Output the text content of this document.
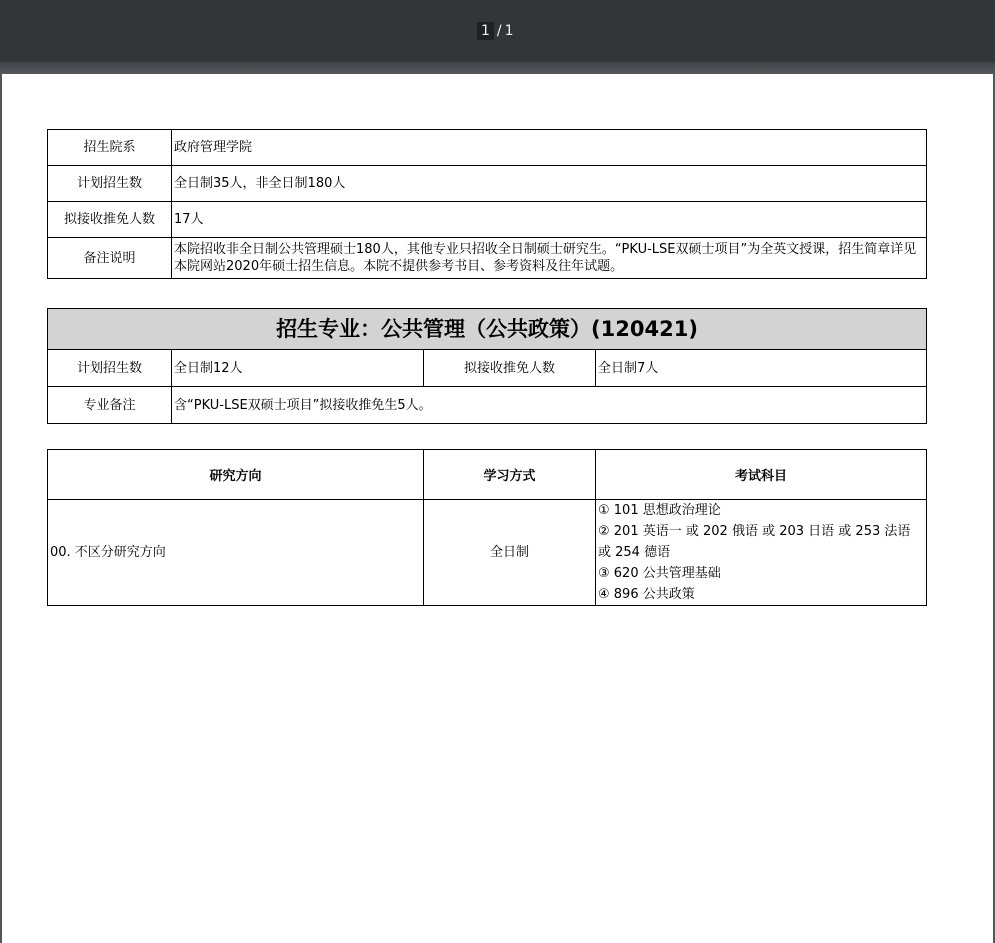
1 / 1
招生院系	政府管理学院
计划招生数	全日制35人，非全日制180人
拟接收推免人数	17人
备注说明	本院招收非全日制公共管理硕士180人，其他专业只招收全日制硕士研究生。“PKU-LSE双硕士项目”为全英文授课，招生简章详见本院网站2020年硕士招生信息。本院不提供参考书目、参考资料及往年试题。
招生专业：公共管理（公共政策）(120421)			
计划招生数	全日制12人	拟接收推免人数	全日制7人
专业备注	含“PKU-LSE双硕士项目”拟接收推免生5人。		
研究方向	学习方式	考试科目
00. 不区分研究方向	全日制	① 101 思想政治理论
② 201 英语一 或 202 俄语 或 203 日语 或 253 法语 或 254 德语
③ 620 公共管理基础
④ 896 公共政策
